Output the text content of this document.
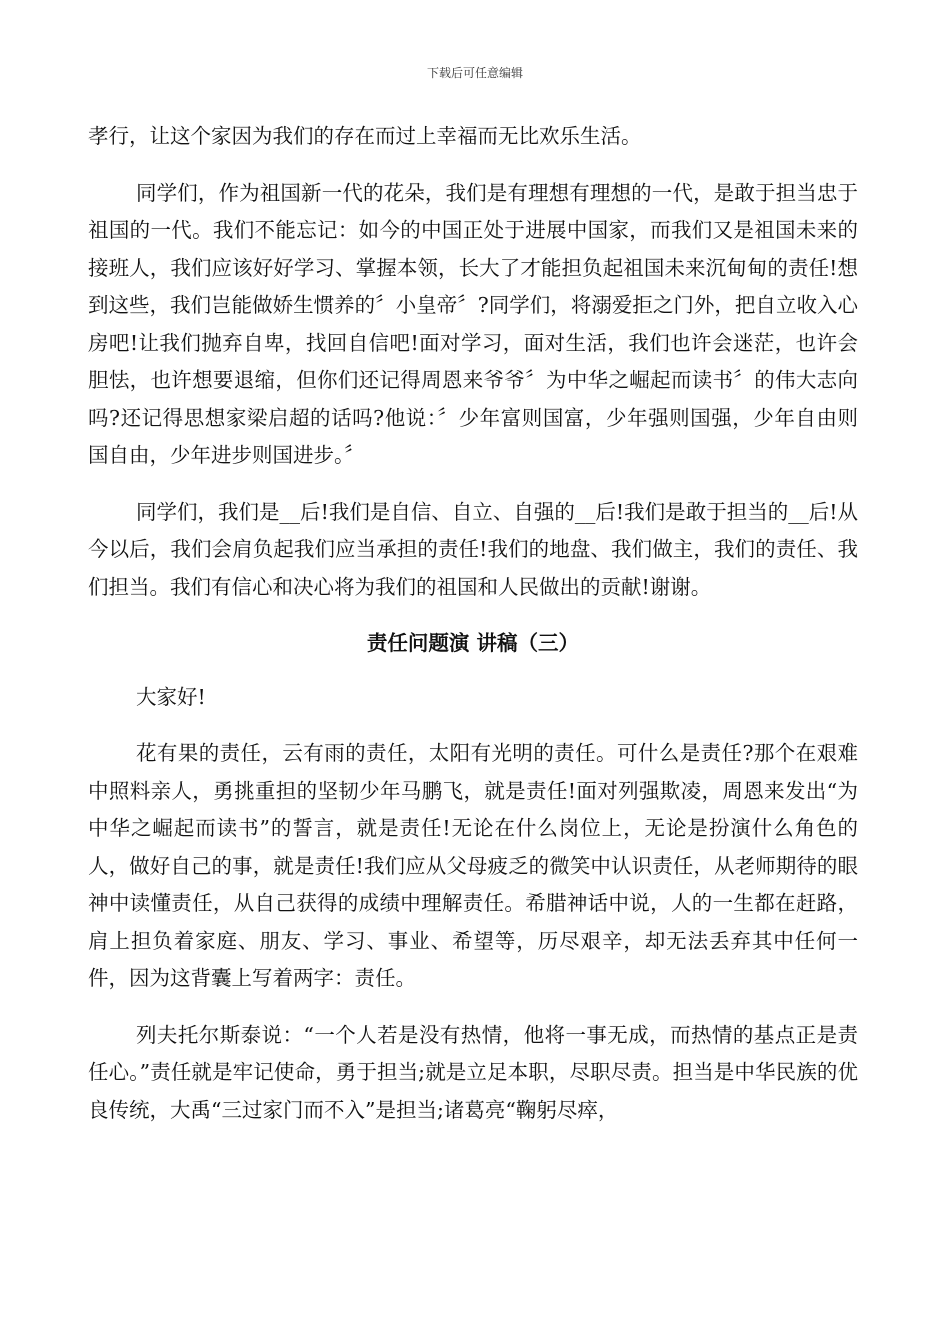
下载后可任意编辑

孝行，让这个家因为我们的存在而过上幸福而无比欢乐生活。

同学们，作为祖国新一代的花朵，我们是有理想有理想的一代，是敢于担当忠于祖国的一代。我们不能忘记：如今的中国正处于进展中国家，而我们又是祖国未来的接班人，我们应该好好学习、掌握本领，长大了才能担负起祖国未来沉甸甸的责任!想到这些，我们岂能做娇生惯养的〞小皇帝〞?同学们，将溺爱拒之门外，把自立收入心房吧!让我们抛弃自卑，找回自信吧!面对学习，面对生活，我们也许会迷茫，也许会胆怯，也许想要退缩，但你们还记得周恩来爷爷〞为中华之崛起而读书〞的伟大志向吗?还记得思想家梁启超的话吗?他说：〞少年富则国富，少年强则国强，少年自由则国自由，少年进步则国进步。〞

同学们，我们是__后!我们是自信、自立、自强的__后!我们是敢于担当的__后!从今以后，我们会肩负起我们应当承担的责任!我们的地盘、我们做主，我们的责任、我们担当。我们有信心和决心将为我们的祖国和人民做出的贡献!谢谢。

责任问题演 讲稿（三）

大家好!

花有果的责任，云有雨的责任，太阳有光明的责任。可什么是责任?那个在艰难中照料亲人，勇挑重担的坚韧少年马鹏飞，就是责任!面对列强欺凌，周恩来发出“为中华之崛起而读书”的誓言，就是责任!无论在什么岗位上，无论是扮演什么角色的人，做好自己的事，就是责任!我们应从父母疲乏的微笑中认识责任，从老师期待的眼神中读懂责任，从自己获得的成绩中理解责任。希腊神话中说，人的一生都在赶路，肩上担负着家庭、朋友、学习、事业、希望等，历尽艰辛，却无法丢弃其中任何一件，因为这背囊上写着两字：责任。

列夫托尔斯泰说：“一个人若是没有热情，他将一事无成，而热情的基点正是责任心。”责任就是牢记使命，勇于担当;就是立足本职，尽职尽责。担当是中华民族的优良传统，大禹“三过家门而不入”是担当;诸葛亮“鞠躬尽瘁，
